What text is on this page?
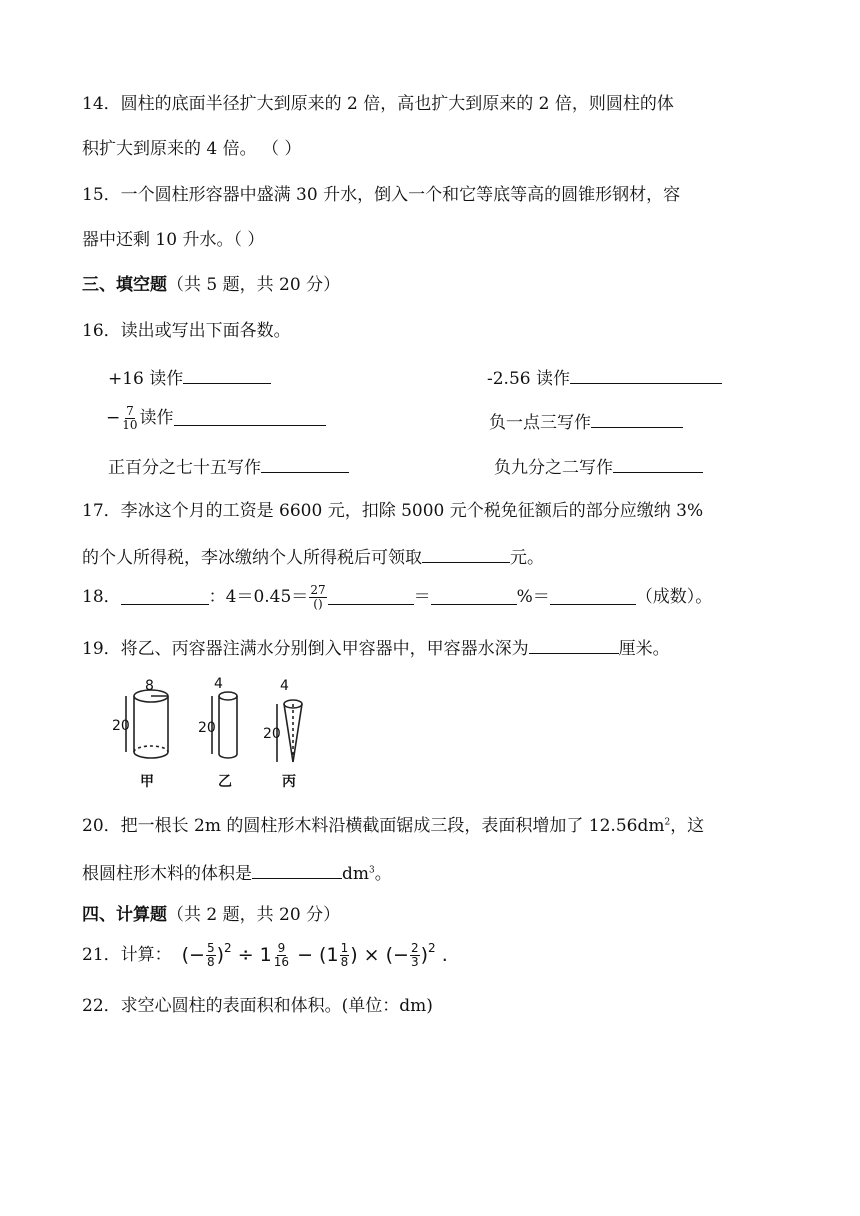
14．圆柱的底面半径扩大到原来的 2 倍，高也扩大到原来的 2 倍，则圆柱的体
积扩大到原来的 4 倍。 （ ）
15．一个圆柱形容器中盛满 30 升水，倒入一个和它等底等高的圆锥形钢材，容
器中还剩 10 升水。（ ）
三、填空题（共 5 题，共 20 分）
16．读出或写出下面各数。
+16 读作	-2.56 读作
− $\frac{7}{10}$ 读作	负一点三写作
正百分之七十五写作	负九分之二写作
17．李冰这个月的工资是 6600 元，扣除 5000 元个税免征额后的部分应缴纳 3%
的个人所得税，李冰缴纳个人所得税后可领取	元。
18．	：$4=0.45= \frac{27}{()}$	＝	%＝	（成数）。
19．将乙、丙容器注满水分别倒入甲容器中，甲容器水深为	厘米。
8
20
甲
4
20
乙
4
20
丙
20．把一根长 2m 的圆柱形木料沿横截面锯成三段，表面积增加了 $12.56dm^2$，这
根圆柱形木料的体积是	$dm^3$。
四、计算题（共 2 题，共 20 分）
21．计算： (− $\frac{5}{8} )^2 \div 1 \frac{9}{16} - (1 \frac{1}{8}$ ) × (− $\frac{2}{3} )^2$ .
22．求空心圆柱的表面积和体积。(单位：dm)
